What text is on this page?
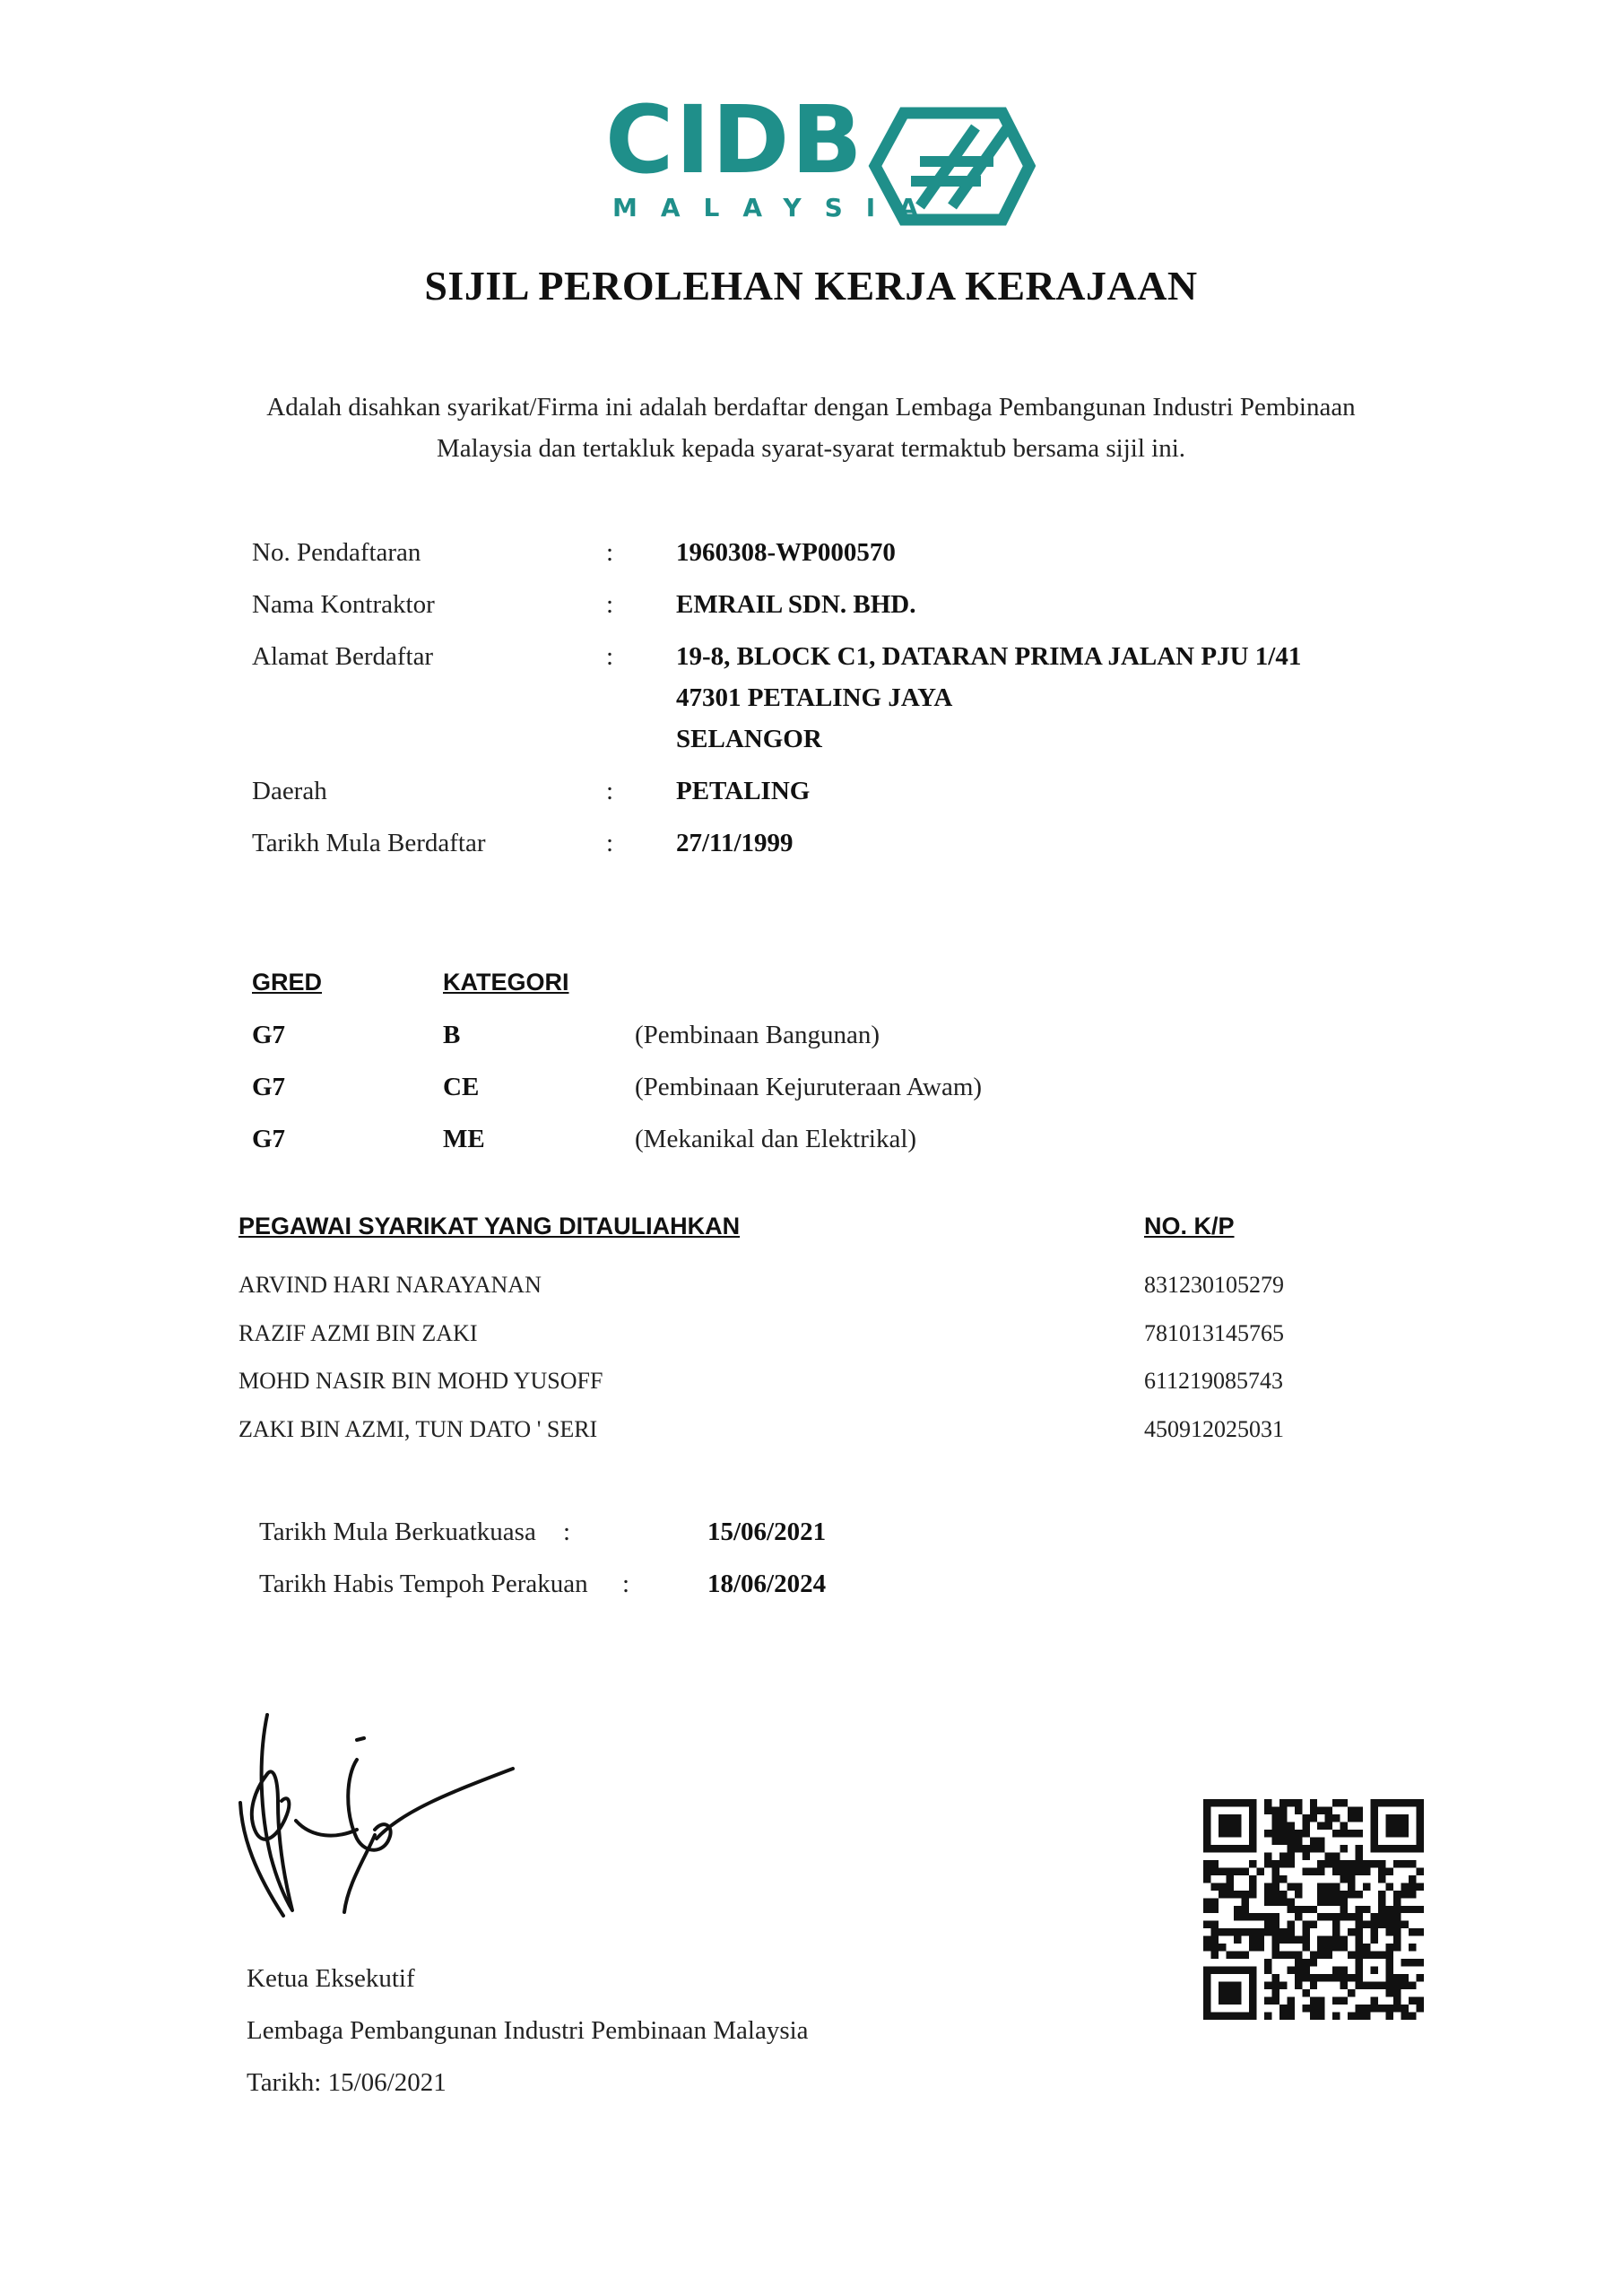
CIDB
MALAYSIA
SIJIL PEROLEHAN KERJA KERAJAAN
Adalah disahkan syarikat/Firma ini adalah berdaftar dengan Lembaga Pembangunan Industri Pembinaan
Malaysia dan tertakluk kepada syarat-syarat termaktub bersama sijil ini.
No. Pendaftaran	: 1960308-WP000570
Nama Kontraktor	: EMRAIL SDN. BHD.
Alamat Berdaftar	: 19-8, BLOCK C1, DATARAN PRIMA JALAN PJU 1/41
47301 PETALING JAYA
SELANGOR
Daerah	: PETALING
Tarikh Mula Berdaftar	: 27/11/1999
GRED	KATEGORI
G7	B	(Pembinaan Bangunan)
G7	CE	(Pembinaan Kejuruteraan Awam)
G7	ME	(Mekanikal dan Elektrikal)
PEGAWAI SYARIKAT YANG DITAULIAHKAN	NO. K/P
ARVIND HARI NARAYANAN	831230105279
RAZIF AZMI BIN ZAKI	781013145765
MOHD NASIR BIN MOHD YUSOFF	611219085743
ZAKI BIN AZMI, TUN DATO ' SERI	450912025031
Tarikh Mula Berkuatkuasa :	15/06/2021
Tarikh Habis Tempoh Perakuan :	18/06/2024
Ketua Eksekutif
Lembaga Pembangunan Industri Pembinaan Malaysia
Tarikh: 15/06/2021
